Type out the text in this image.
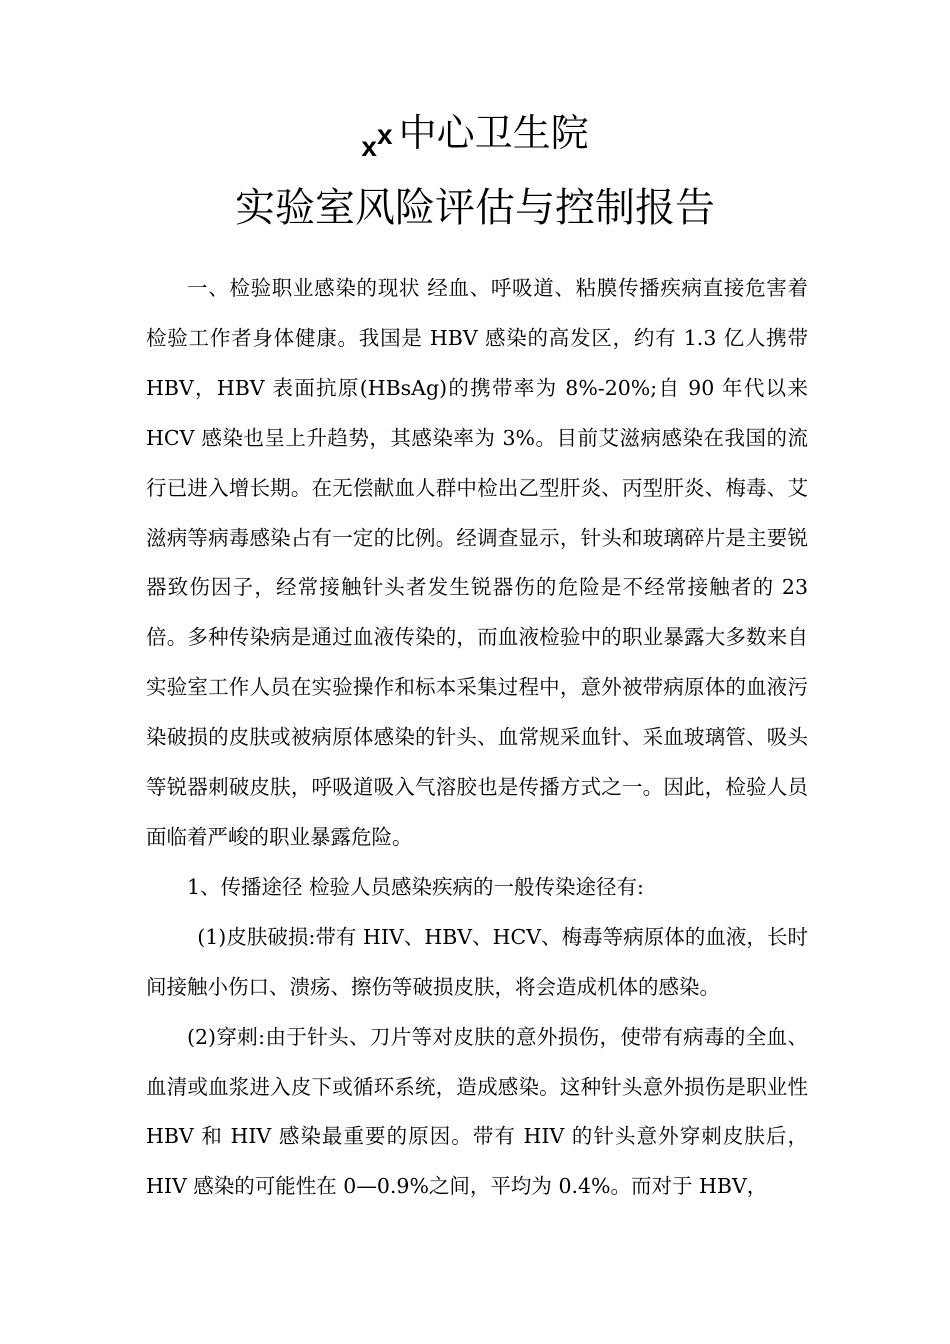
xx 中心卫生院
实验室风险评估与控制报告

一、检验职业感染的现状 经血、呼吸道、粘膜传播疾病直接危害着检验工作者身体健康。我国是 HBV 感染的高发区，约有 1.3 亿人携带 HBV，HBV 表面抗原(HBsAg)的携带率为 8%-20%;自 90 年代以来 HCV 感染也呈上升趋势，其感染率为 3%。目前艾滋病感染在我国的流行已进入增长期。在无偿献血人群中检出乙型肝炎、丙型肝炎、梅毒、艾滋病等病毒感染占有一定的比例。经调查显示，针头和玻璃碎片是主要锐器致伤因子，经常接触针头者发生锐器伤的危险是不经常接触者的 23 倍。多种传染病是通过血液传染的，而血液检验中的职业暴露大多数来自实验室工作人员在实验操作和标本采集过程中，意外被带病原体的血液污染破损的皮肤或被病原体感染的针头、血常规采血针、采血玻璃管、吸头等锐器刺破皮肤，呼吸道吸入气溶胶也是传播方式之一。因此，检验人员面临着严峻的职业暴露危险。

1、传播途径 检验人员感染疾病的一般传染途径有:

(1)皮肤破损:带有 HIV、HBV、HCV、梅毒等病原体的血液，长时间接触小伤口、溃疡、擦伤等破损皮肤，将会造成机体的感染。

(2)穿刺:由于针头、刀片等对皮肤的意外损伤，使带有病毒的全血、血清或血浆进入皮下或循环系统，造成感染。这种针头意外损伤是职业性 HBV 和 HIV 感染最重要的原因。带有 HIV 的针头意外穿刺皮肤后，HIV 感染的可能性在 0—0.9%之间，平均为 0.4%。而对于 HBV，
